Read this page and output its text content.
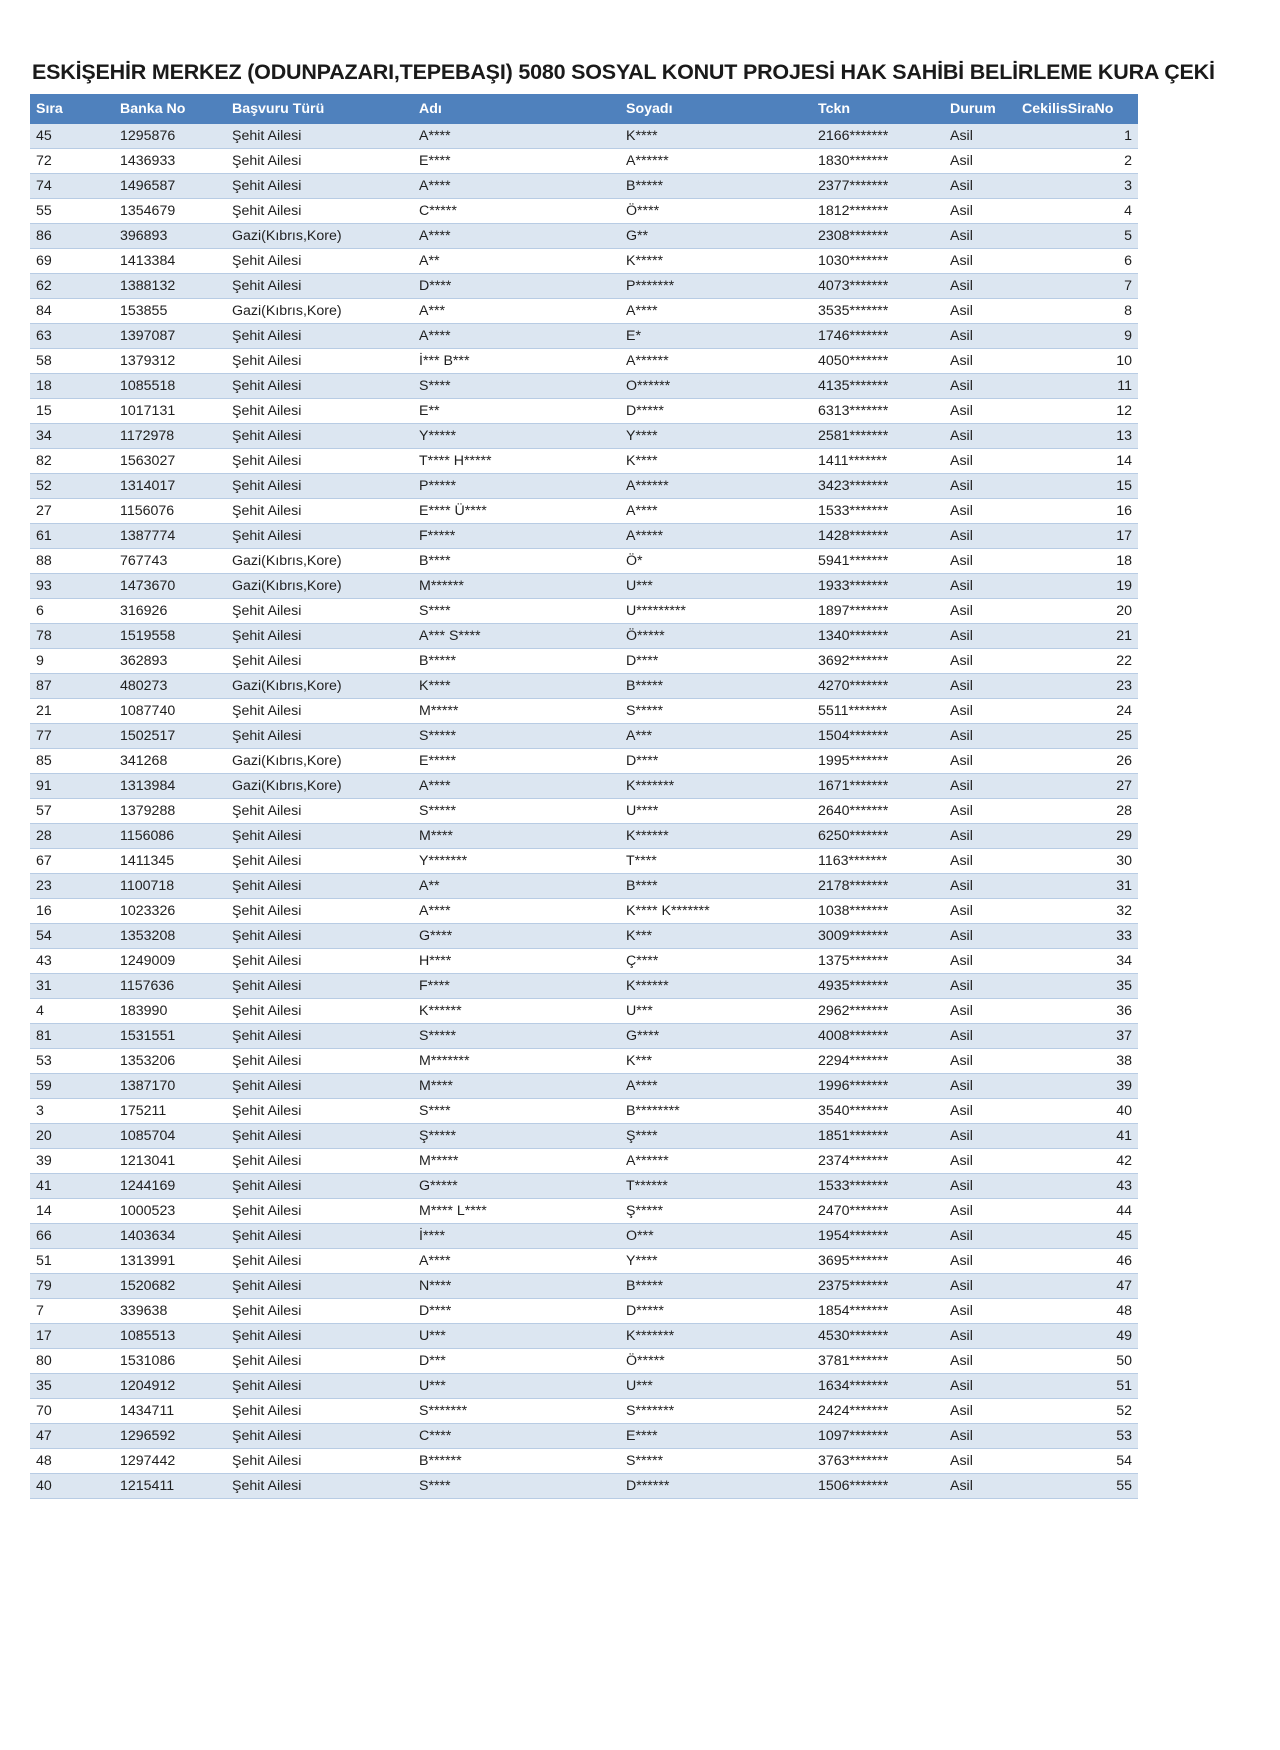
ESKİŞEHİR MERKEZ (ODUNPAZARI,TEPEBAŞI) 5080 SOSYAL KONUT PROJESİ HAK SAHİBİ BELİRLEME KURA ÇEKİ
Sıra	Banka No	Başvuru Türü	Adı	Soyadı	Tckn	Durum	CekilisSiraNo
45	1295876	Şehit Ailesi	A****	K****	2166*******	Asil	1
72	1436933	Şehit Ailesi	E****	A******	1830*******	Asil	2
74	1496587	Şehit Ailesi	A****	B*****	2377*******	Asil	3
55	1354679	Şehit Ailesi	C*****	Ö****	1812*******	Asil	4
86	396893	Gazi(Kıbrıs,Kore)	A****	G**	2308*******	Asil	5
69	1413384	Şehit Ailesi	A**	K*****	1030*******	Asil	6
62	1388132	Şehit Ailesi	D****	P*******	4073*******	Asil	7
84	153855	Gazi(Kıbrıs,Kore)	A***	A****	3535*******	Asil	8
63	1397087	Şehit Ailesi	A****	E*	1746*******	Asil	9
58	1379312	Şehit Ailesi	İ*** B***	A******	4050*******	Asil	10
18	1085518	Şehit Ailesi	S****	O******	4135*******	Asil	11
15	1017131	Şehit Ailesi	E**	D*****	6313*******	Asil	12
34	1172978	Şehit Ailesi	Y*****	Y****	2581*******	Asil	13
82	1563027	Şehit Ailesi	T**** H*****	K****	1411*******	Asil	14
52	1314017	Şehit Ailesi	P*****	A******	3423*******	Asil	15
27	1156076	Şehit Ailesi	E**** Ü****	A****	1533*******	Asil	16
61	1387774	Şehit Ailesi	F*****	A*****	1428*******	Asil	17
88	767743	Gazi(Kıbrıs,Kore)	B****	Ö*	5941*******	Asil	18
93	1473670	Gazi(Kıbrıs,Kore)	M******	U***	1933*******	Asil	19
6	316926	Şehit Ailesi	S****	U*********	1897*******	Asil	20
78	1519558	Şehit Ailesi	A*** S****	Ö*****	1340*******	Asil	21
9	362893	Şehit Ailesi	B*****	D****	3692*******	Asil	22
87	480273	Gazi(Kıbrıs,Kore)	K****	B*****	4270*******	Asil	23
21	1087740	Şehit Ailesi	M*****	S*****	5511*******	Asil	24
77	1502517	Şehit Ailesi	S*****	A***	1504*******	Asil	25
85	341268	Gazi(Kıbrıs,Kore)	E*****	D****	1995*******	Asil	26
91	1313984	Gazi(Kıbrıs,Kore)	A****	K*******	1671*******	Asil	27
57	1379288	Şehit Ailesi	S*****	U****	2640*******	Asil	28
28	1156086	Şehit Ailesi	M****	K******	6250*******	Asil	29
67	1411345	Şehit Ailesi	Y*******	T****	1163*******	Asil	30
23	1100718	Şehit Ailesi	A**	B****	2178*******	Asil	31
16	1023326	Şehit Ailesi	A****	K**** K*******	1038*******	Asil	32
54	1353208	Şehit Ailesi	G****	K***	3009*******	Asil	33
43	1249009	Şehit Ailesi	H****	Ç****	1375*******	Asil	34
31	1157636	Şehit Ailesi	F****	K******	4935*******	Asil	35
4	183990	Şehit Ailesi	K******	U***	2962*******	Asil	36
81	1531551	Şehit Ailesi	S*****	G****	4008*******	Asil	37
53	1353206	Şehit Ailesi	M*******	K***	2294*******	Asil	38
59	1387170	Şehit Ailesi	M****	A****	1996*******	Asil	39
3	175211	Şehit Ailesi	S****	B********	3540*******	Asil	40
20	1085704	Şehit Ailesi	Ş*****	Ş****	1851*******	Asil	41
39	1213041	Şehit Ailesi	M*****	A******	2374*******	Asil	42
41	1244169	Şehit Ailesi	G*****	T******	1533*******	Asil	43
14	1000523	Şehit Ailesi	M**** L****	Ş*****	2470*******	Asil	44
66	1403634	Şehit Ailesi	İ****	O***	1954*******	Asil	45
51	1313991	Şehit Ailesi	A****	Y****	3695*******	Asil	46
79	1520682	Şehit Ailesi	N****	B*****	2375*******	Asil	47
7	339638	Şehit Ailesi	D****	D*****	1854*******	Asil	48
17	1085513	Şehit Ailesi	U***	K*******	4530*******	Asil	49
80	1531086	Şehit Ailesi	D***	Ö*****	3781*******	Asil	50
35	1204912	Şehit Ailesi	U***	U***	1634*******	Asil	51
70	1434711	Şehit Ailesi	S*******	S*******	2424*******	Asil	52
47	1296592	Şehit Ailesi	C****	E****	1097*******	Asil	53
48	1297442	Şehit Ailesi	B******	S*****	3763*******	Asil	54
40	1215411	Şehit Ailesi	S****	D******	1506*******	Asil	55
